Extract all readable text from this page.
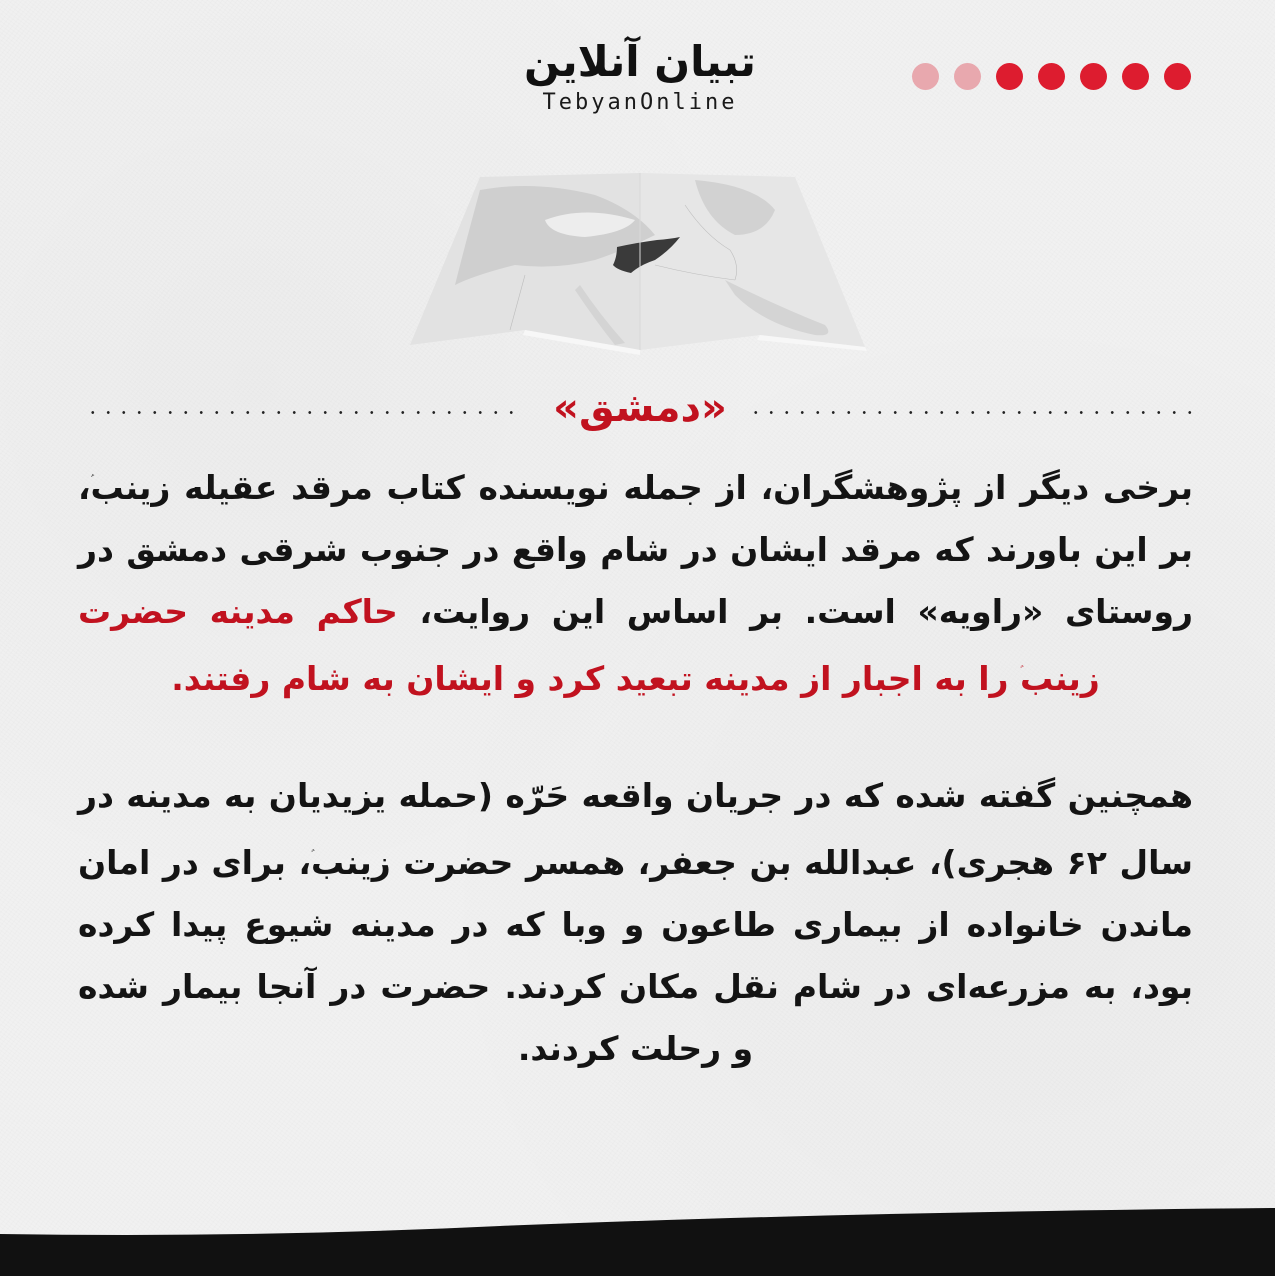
تبیان آنلاین
TebyanOnline
«دمشق»
برخی دیگر از پژوهشگران، از جمله نویسنده کتاب مرقد عقیله زینب، بر این باورند که مرقد ایشان در شام واقع در جنوب شرقی دمشق در روستای «راویه» است. بر اساس این روایت، حاکم مدینه حضرت زینب را به اجبار از مدینه تبعید کرد و ایشان به شام رفتند.
همچنین گفته شده که در جریان واقعه حَرّه (حمله یزیدیان به مدینه در سال ۶۲ هجری)، عبدالله بن جعفر، همسر حضرت زینب، برای در امان ماندن خانواده از بیماری طاعون و وبا که در مدینه شیوع پیدا کرده بود، به مزرعه‌ای در شام نقل مکان کردند. حضرت در آنجا بیمار شده و رحلت کردند.
